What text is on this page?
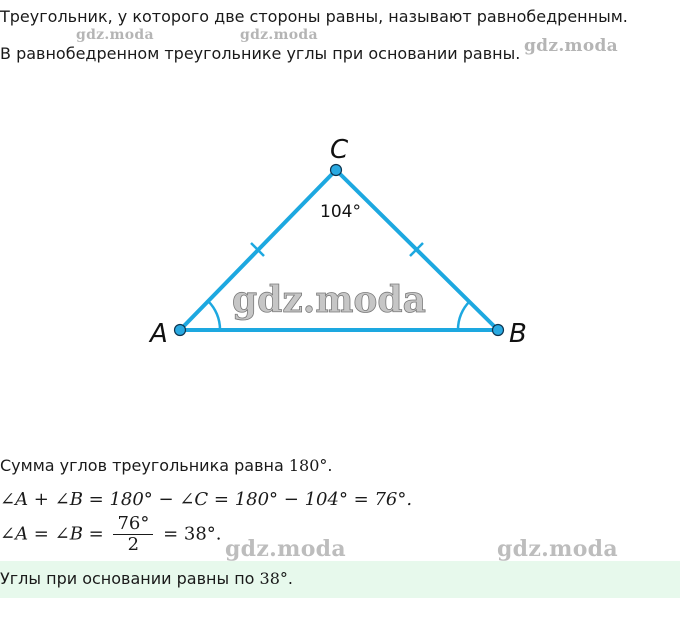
Треугольник, у которого две стороны равны, называют равнобедренным.
В равнобедренном треугольнике углы при основании равны.
gdz.moda	gdz.moda
gdz.moda
A	B
C
104°
gdz.moda
Сумма углов треугольника равна 180°.
∠A + ∠B = 180° − ∠C = 180° − 104° = 76°.
∠A = ∠B = $\frac{76^\circ}{2} = 38^\circ$.
gdz.moda	gdz.moda
Углы при основании равны по 38°.
